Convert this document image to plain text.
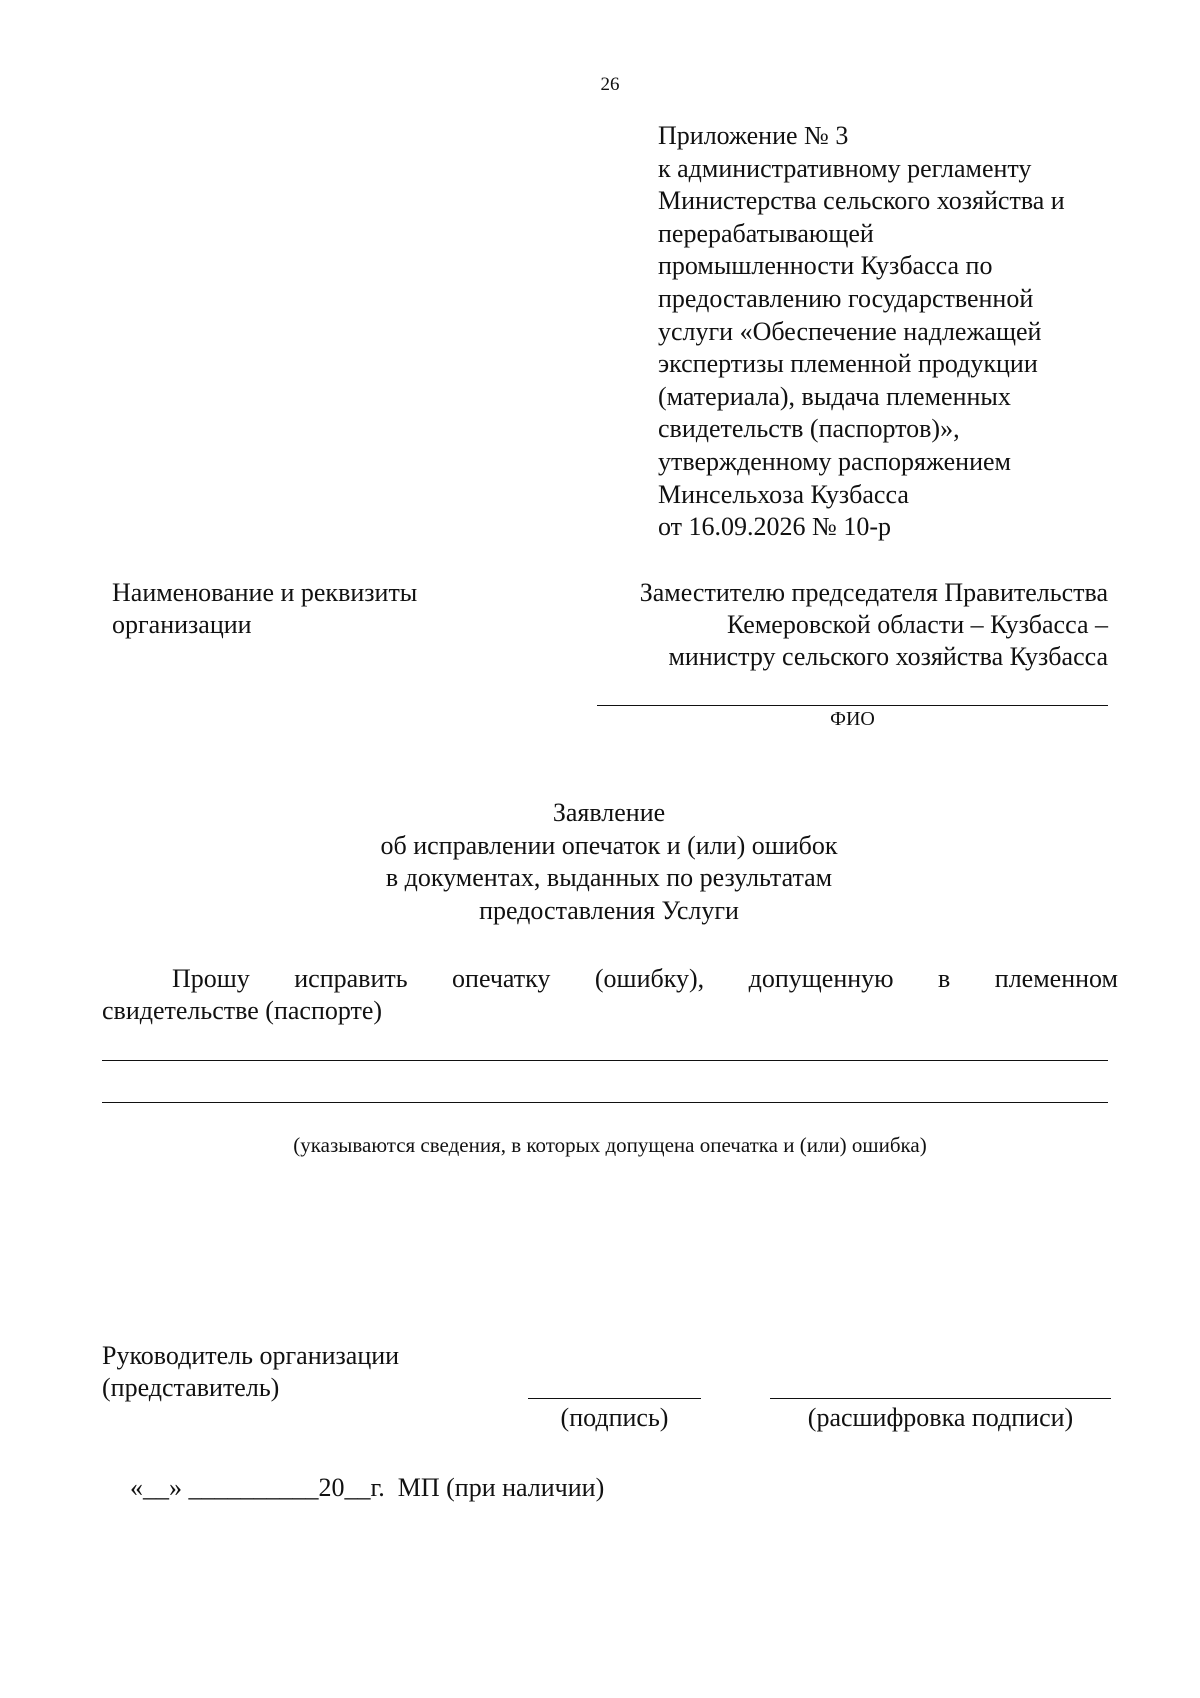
26
Приложение № 3
к административному регламенту
Министерства сельского хозяйства и
перерабатывающей
промышленности Кузбасса по
предоставлению государственной
услуги «Обеспечение надлежащей
экспертизы племенной продукции
(материала), выдача племенных
свидетельств (паспортов)»,
утвержденному распоряжением
Минсельхоза Кузбасса
от 16.09.2026 № 10-р
Наименование и реквизиты
организации
Заместителю председателя Правительства
Кемеровской области – Кузбасса –
министру сельского хозяйства Кузбасса
ФИО
Заявление
об исправлении опечаток и (или) ошибок
в документах, выданных по результатам
предоставления Услуги
Прошу исправить опечатку (ошибку), допущенную в племенном
свидетельстве (паспорте)
(указываются сведения, в которых допущена опечатка и (или) ошибка)
Руководитель организации
(представитель)
(подпись)	(расшифровка подписи)
«__» __________20__г.  МП (при наличии)
